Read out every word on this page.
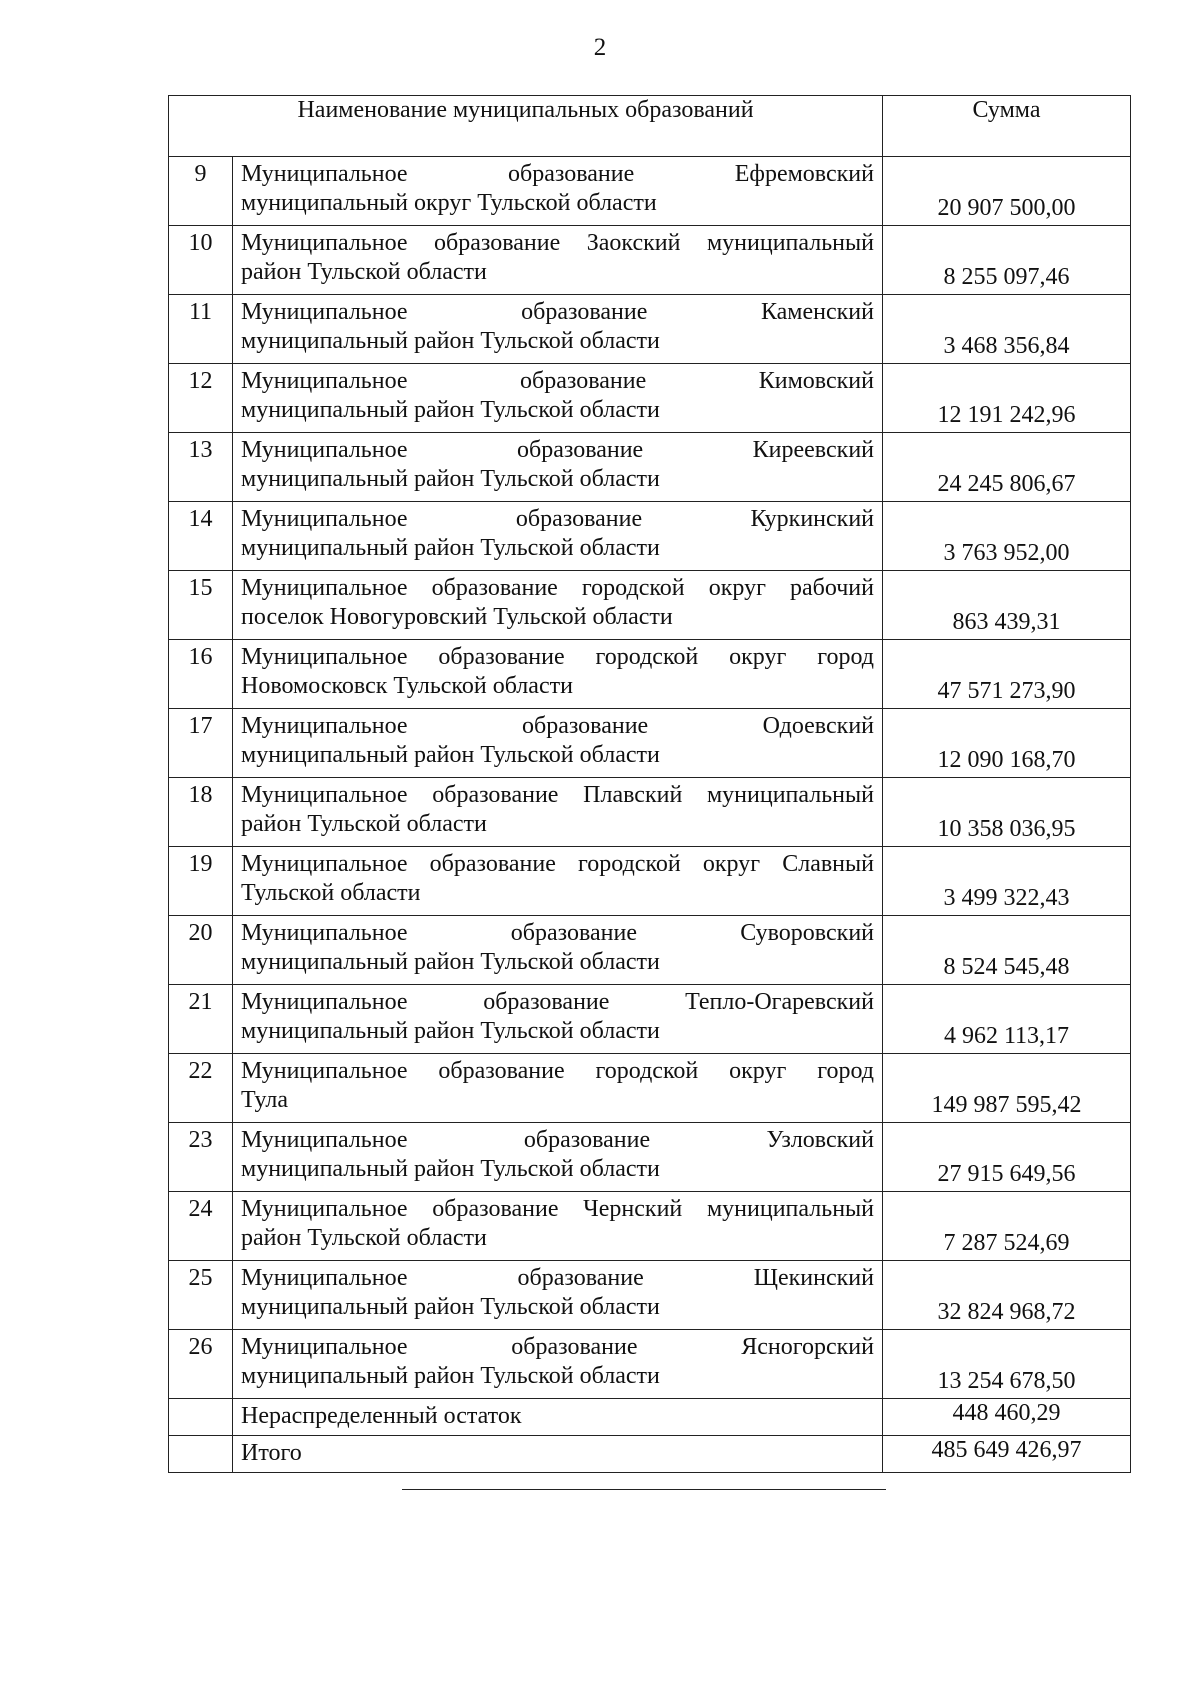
2
Наименование муниципальных образований		Сумма
9	Муниципальное образование Ефремовский
муниципальный округ Тульской области	20 907 500,00
10	Муниципальное образование Заокский муниципальный
район Тульской области	8 255 097,46
11	Муниципальное образование Каменский
муниципальный район Тульской области	3 468 356,84
12	Муниципальное образование Кимовский
муниципальный район Тульской области	12 191 242,96
13	Муниципальное образование Киреевский
муниципальный район Тульской области	24 245 806,67
14	Муниципальное образование Куркинский
муниципальный район Тульской области	3 763 952,00
15	Муниципальное образование городской округ рабочий
поселок Новогуровский Тульской области	863 439,31
16	Муниципальное образование городской округ город
Новомосковск Тульской области	47 571 273,90
17	Муниципальное образование Одоевский
муниципальный район Тульской области	12 090 168,70
18	Муниципальное образование Плавский муниципальный
район Тульской области	10 358 036,95
19	Муниципальное образование городской округ Славный
Тульской области	3 499 322,43
20	Муниципальное образование Суворовский
муниципальный район Тульской области	8 524 545,48
21	Муниципальное образование Тепло-Огаревский
муниципальный район Тульской области	4 962 113,17
22	Муниципальное образование городской округ город
Тула	149 987 595,42
23	Муниципальное образование Узловский
муниципальный район Тульской области	27 915 649,56
24	Муниципальное образование Чернский муниципальный
район Тульской области	7 287 524,69
25	Муниципальное образование Щекинский
муниципальный район Тульской области	32 824 968,72
26	Муниципальное образование Ясногорский
муниципальный район Тульской области	13 254 678,50
	Нераспределенный остаток	448 460,29
	Итого	485 649 426,97
